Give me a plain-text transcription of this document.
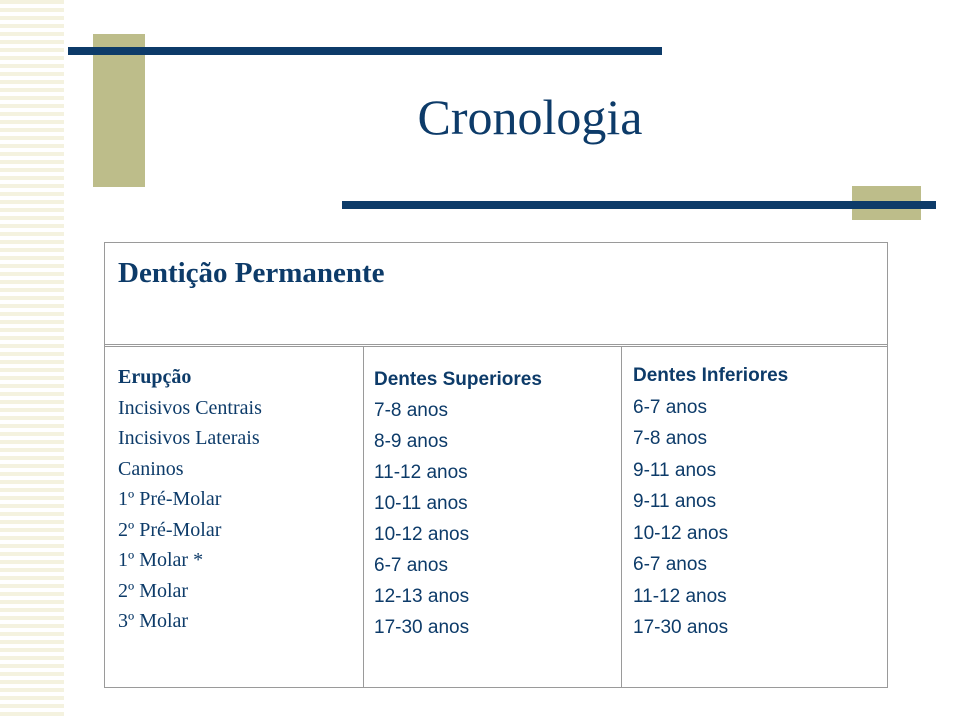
Cronologia
Dentição Permanente
Erupção
Incisivos Centrais
Incisivos Laterais
Caninos
1º Pré-Molar
2º Pré-Molar
1º Molar *
2º Molar
3º Molar
Dentes Superiores
7-8 anos
8-9 anos
11-12 anos
10-11 anos
10-12 anos
6-7 anos
12-13 anos
17-30 anos
Dentes Inferiores
6-7 anos
7-8 anos
9-11 anos
9-11 anos
10-12 anos
6-7 anos
11-12 anos
17-30 anos
